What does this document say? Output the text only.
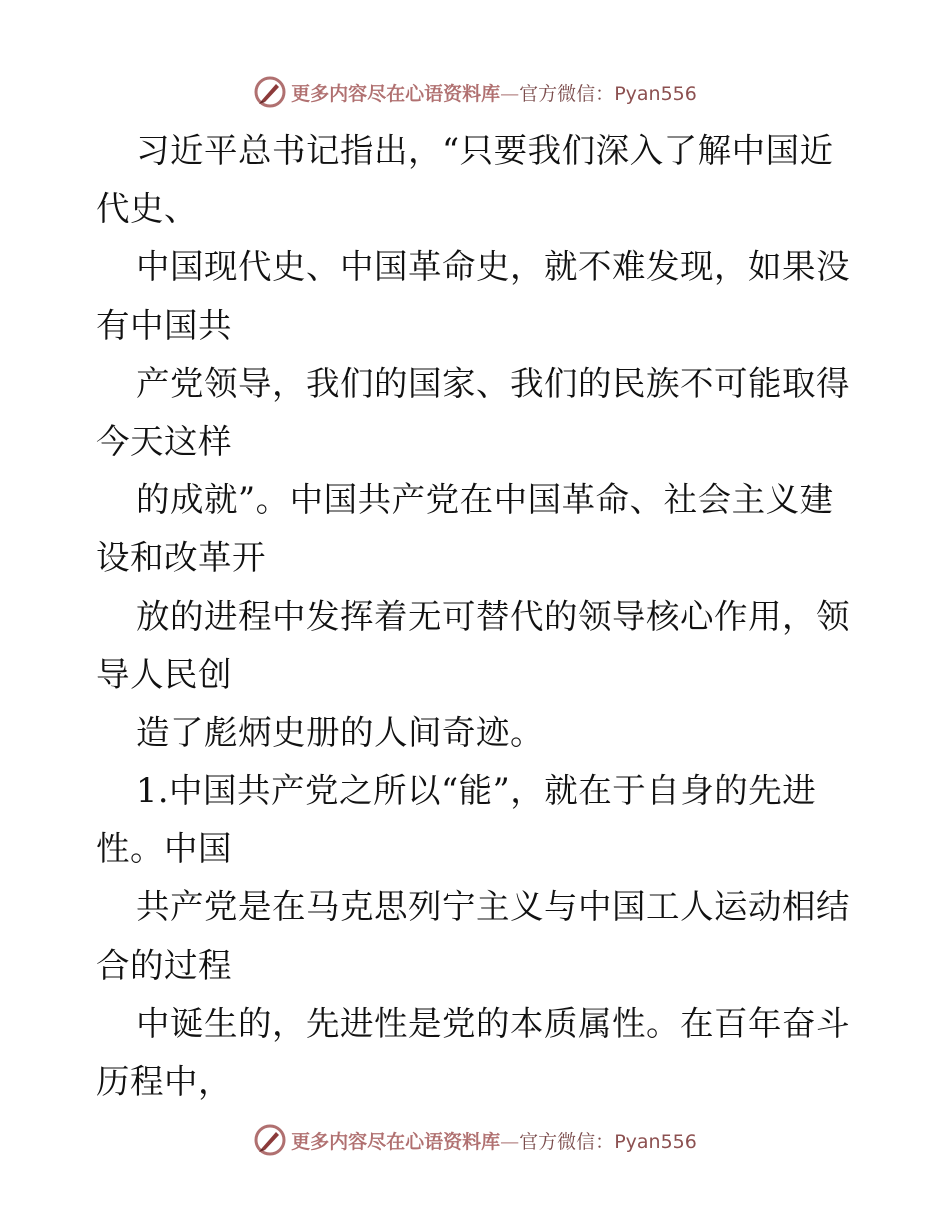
更多内容尽在心语资料库—官方微信：Pyan556
习近平总书记指出，“只要我们深入了解中国近
代史、
中国现代史、中国革命史，就不难发现，如果没
有中国共
产党领导，我们的国家、我们的民族不可能取得
今天这样
的成就”。中国共产党在中国革命、社会主义建
设和改革开
放的进程中发挥着无可替代的领导核心作用，领
导人民创
造了彪炳史册的人间奇迹。
1.中国共产党之所以“能”，就在于自身的先进
性。中国
共产党是在马克思列宁主义与中国工人运动相结
合的过程
中诞生的，先进性是党的本质属性。在百年奋斗
历程中，
更多内容尽在心语资料库—官方微信：Pyan556
